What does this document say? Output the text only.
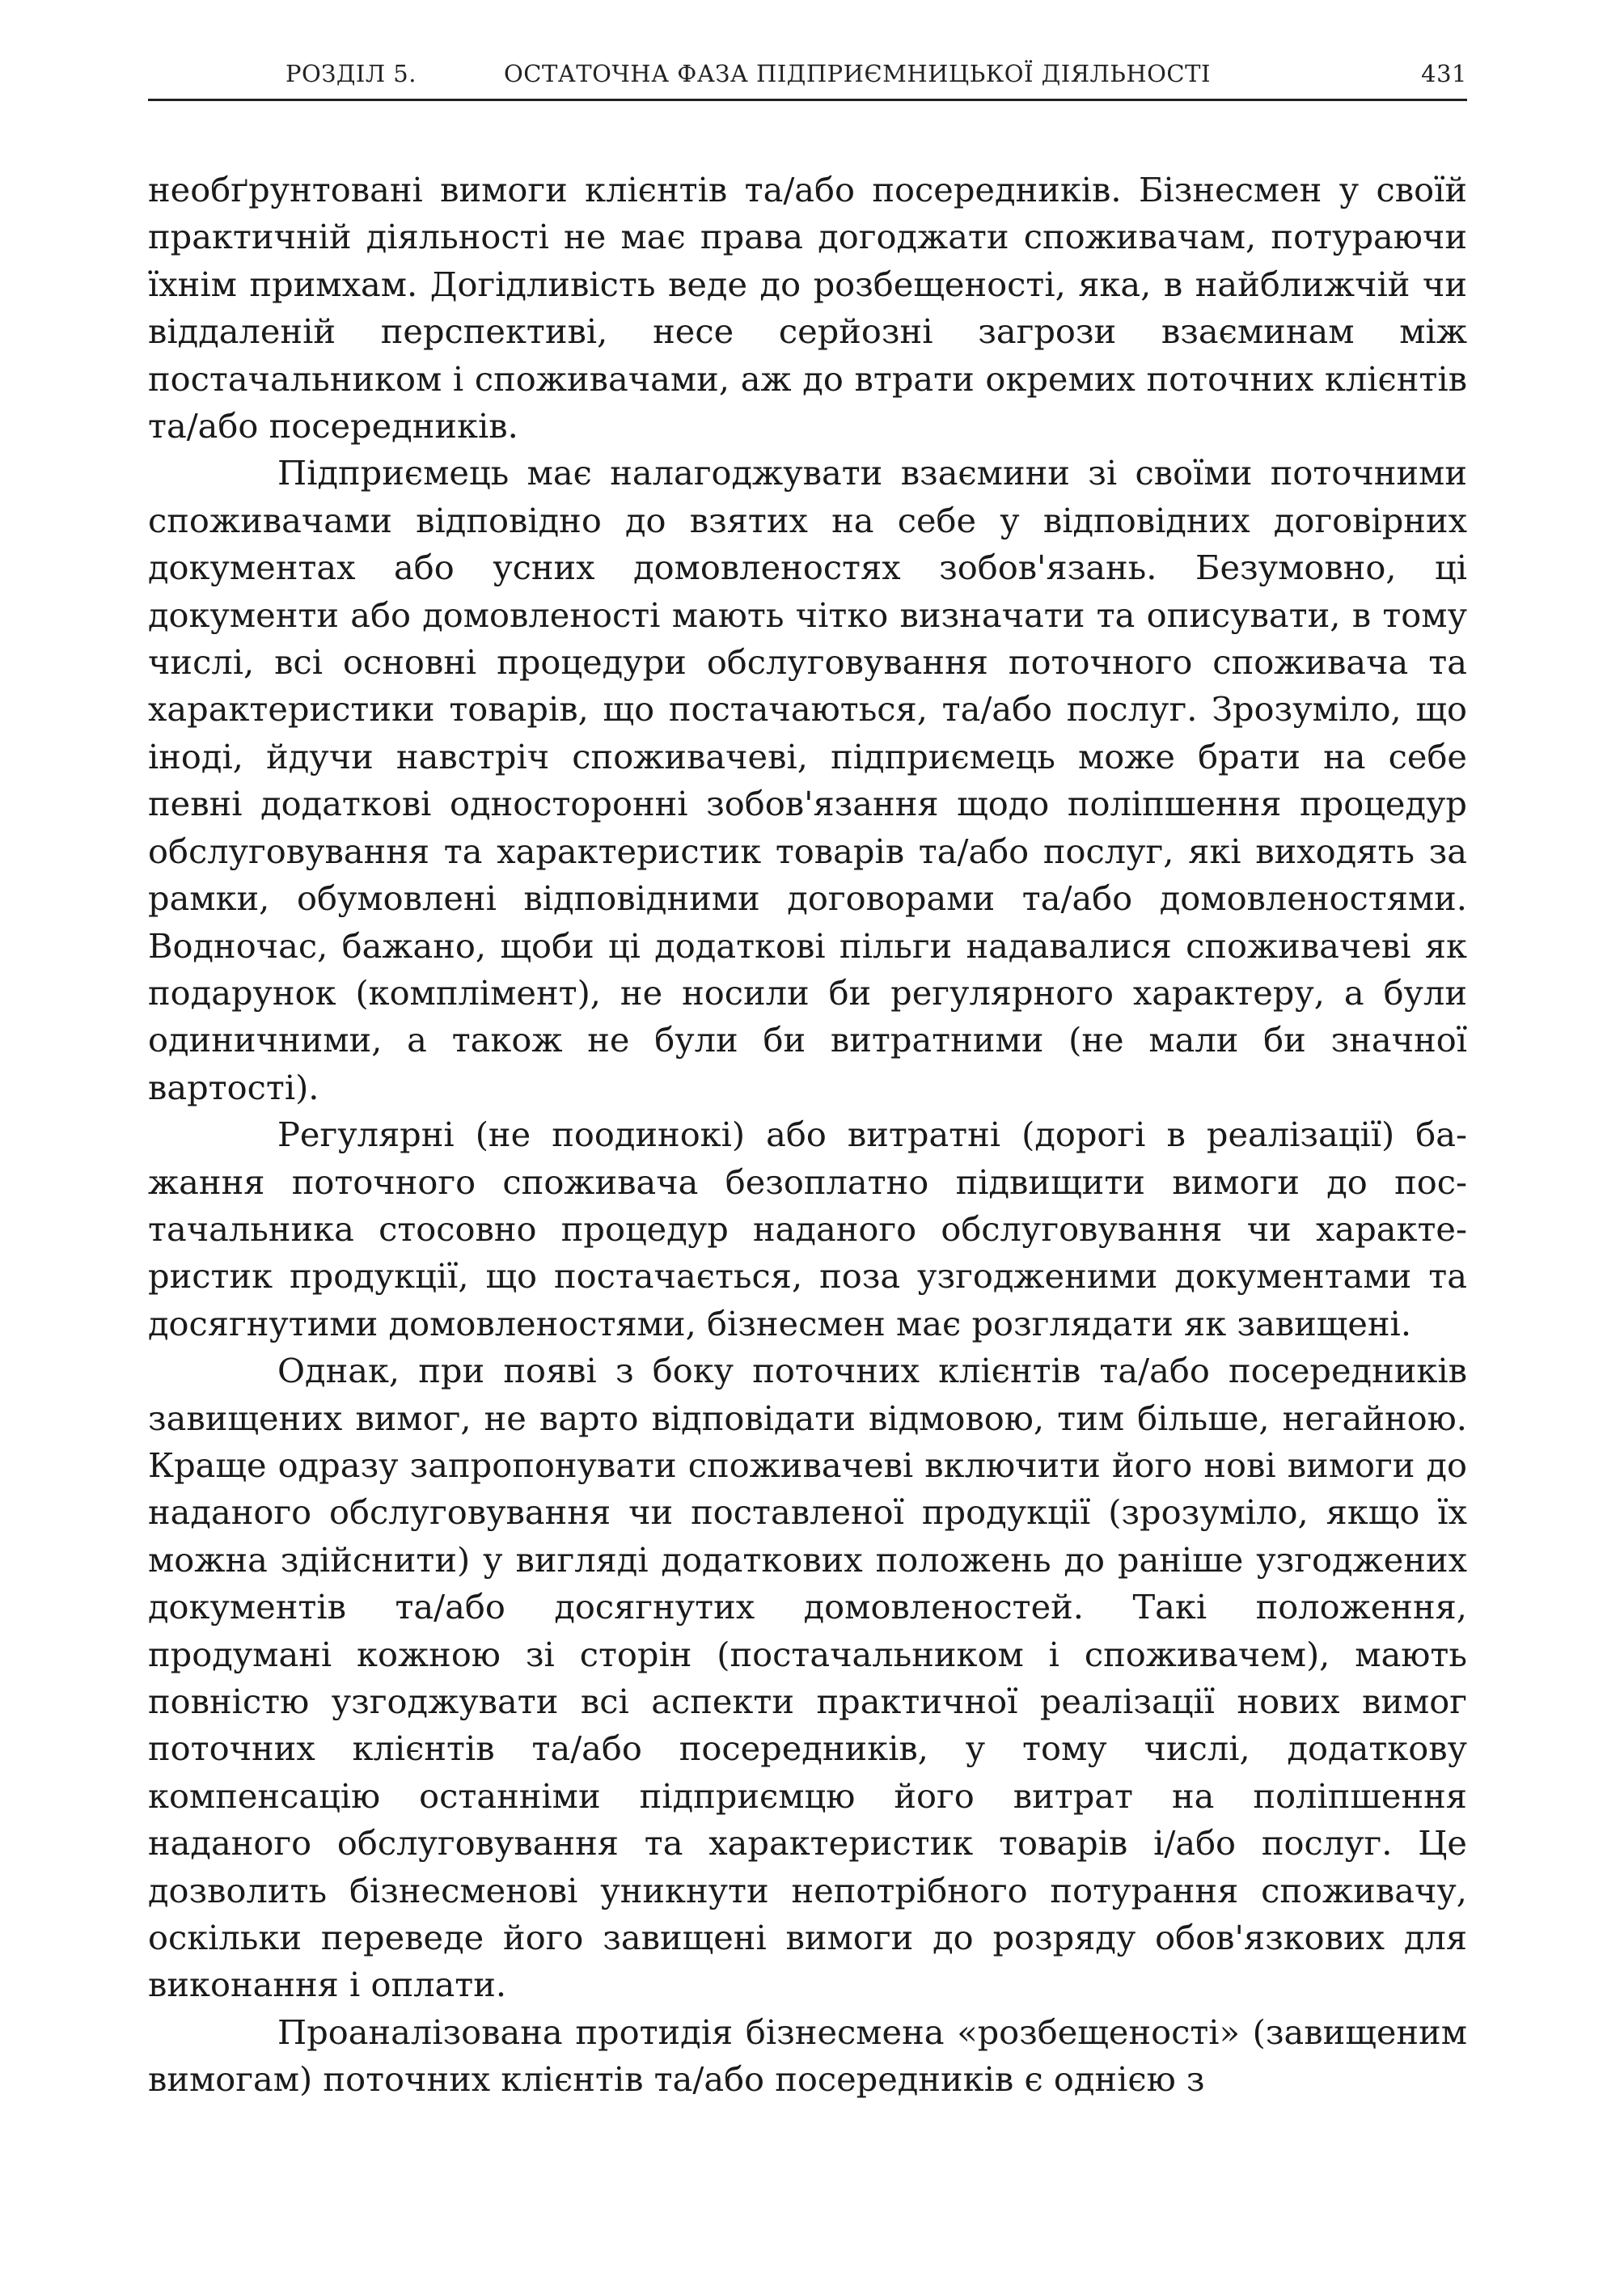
РОЗДІЛ 5.	ОСТАТОЧНА ФАЗА ПІДПРИЄМНИЦЬКОЇ ДІЯЛЬНОСТІ	431

необґрунтовані вимоги клієнтів та/або посередників. Бізнесмен у своїй практичній діяльності не має права догоджати споживачам, потураючи їхнім примхам. Догідливість веде до розбещеності, яка, в найближчій чи віддаленій перспективі, несе серйозні загрози взаєминам між постачальником і споживачами, аж до втрати окремих поточних клієнтів та/або посередників.

Підприємець має налагоджувати взаємини зі своїми поточними споживачами відповідно до взятих на себе у відповідних договірних документах або усних домовленостях зобов'язань. Безумовно, ці документи або домовленості мають чітко визначати та описувати, в тому числі, всі основні процедури обслуговування поточного споживача та характеристики товарів, що постачаються, та/або послуг. Зрозуміло, що іноді, йдучи навстріч споживачеві, підприємець може брати на себе певні додаткові односторонні зобов'язання щодо поліпшення процедур обслуговування та характеристик товарів та/або послуг, які виходять за рамки, обумовлені відповідними договорами та/або домовленостями. Водночас, бажано, щоби ці додаткові пільги надавалися споживачеві як подарунок (комплімент), не носили би регулярного характеру, а були одиничними, а також не були би витратними (не мали би значної вартості).

Регулярні (не поодинокі) або витратні (дорогі в реалізації) бажання поточного споживача безоплатно підвищити вимоги до постачальника стосовно процедур наданого обслуговування чи характеристик продукції, що постачається, поза узгодженими документами та досягнутими домовленостями, бізнесмен має розглядати як завищені.

Однак, при появі з боку поточних клієнтів та/або посередників завищених вимог, не варто відповідати відмовою, тим більше, негайною. Краще одразу запропонувати споживачеві включити його нові вимоги до наданого обслуговування чи поставленої продукції (зрозуміло, якщо їх можна здійснити) у вигляді додаткових положень до раніше узгоджених документів та/або досягнутих домовленостей. Такі положення, продумані кожною зі сторін (постачальником і споживачем), мають повністю узгоджувати всі аспекти практичної реалізації нових вимог поточних клієнтів та/або посередників, у тому числі, додаткову компенсацію останніми підприємцю його витрат на поліпшення наданого обслуговування та характеристик товарів і/або послуг. Це дозволить бізнесменові уникнути непотрібного потурання споживачу, оскільки переведе його завищені вимоги до розряду обов'язкових для виконання і оплати.

Проаналізована протидія бізнесмена «розбещеності» (завищеним вимогам) поточних клієнтів та/або посередників є однією з
